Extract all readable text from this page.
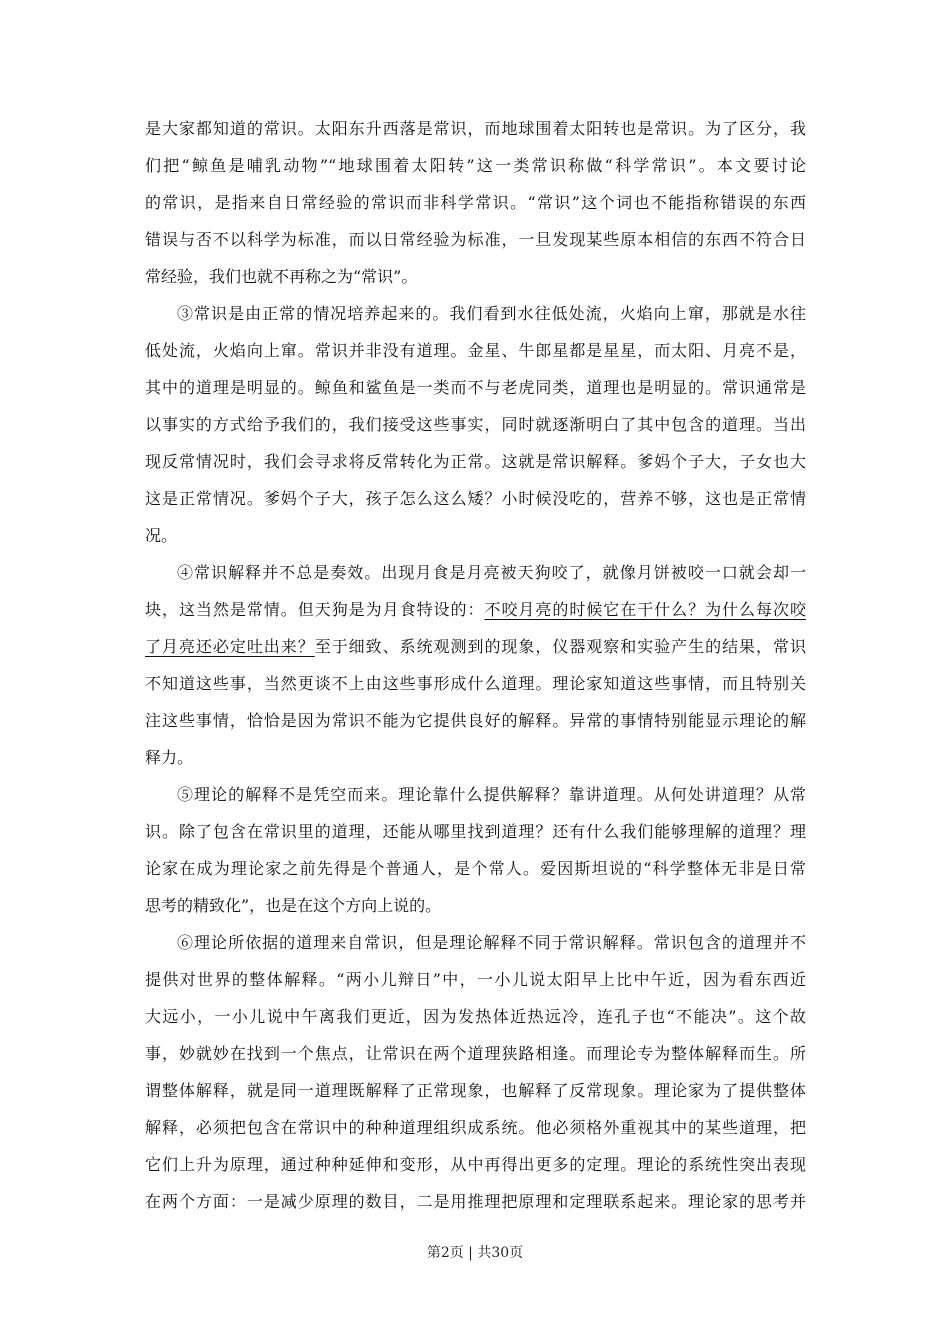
是大家都知道的常识。太阳东升西落是常识，而地球围着太阳转也是常识。为了区分，我
们把“鲸鱼是哺乳动物”“地球围着太阳转”这一类常识称做“科学常识”。本文要讨论
的常识，是指来自日常经验的常识而非科学常识。“常识”这个词也不能指称错误的东西
错误与否不以科学为标准，而以日常经验为标准，一旦发现某些原本相信的东西不符合日
常经验，我们也就不再称之为“常识”。
③常识是由正常的情况培养起来的。我们看到水往低处流，火焰向上窜，那就是水往
低处流，火焰向上窜。常识并非没有道理。金星、牛郎星都是星星，而太阳、月亮不是，
其中的道理是明显的。鲸鱼和鲨鱼是一类而不与老虎同类，道理也是明显的。常识通常是
以事实的方式给予我们的，我们接受这些事实，同时就逐渐明白了其中包含的道理。当出
现反常情况时，我们会寻求将反常转化为正常。这就是常识解释。爹妈个子大，子女也大
这是正常情况。爹妈个子大，孩子怎么这么矮？小时候没吃的，营养不够，这也是正常情
况。
④常识解释并不总是奏效。出现月食是月亮被天狗咬了，就像月饼被咬一口就会却一
块，这当然是常情。但天狗是为月食特设的：不咬月亮的时候它在干什么？为什么每次咬
了月亮还必定吐出来？至于细致、系统观测到的现象，仪器观察和实验产生的结果，常识
不知道这些事，当然更谈不上由这些事形成什么道理。理论家知道这些事情，而且特别关
注这些事情，恰恰是因为常识不能为它提供良好的解释。异常的事情特别能显示理论的解
释力。
⑤理论的解释不是凭空而来。理论靠什么提供解释？靠讲道理。从何处讲道理？从常
识。除了包含在常识里的道理，还能从哪里找到道理？还有什么我们能够理解的道理？理
论家在成为理论家之前先得是个普通人，是个常人。爱因斯坦说的“科学整体无非是日常
思考的精致化”，也是在这个方向上说的。
⑥理论所依据的道理来自常识，但是理论解释不同于常识解释。常识包含的道理并不
提供对世界的整体解释。“两小儿辩日”中，一小儿说太阳早上比中午近，因为看东西近
大远小，一小儿说中午离我们更近，因为发热体近热远冷，连孔子也“不能决”。这个故
事，妙就妙在找到一个焦点，让常识在两个道理狭路相逢。而理论专为整体解释而生。所
谓整体解释，就是同一道理既解释了正常现象，也解释了反常现象。理论家为了提供整体
解释，必须把包含在常识中的种种道理组织成系统。他必须格外重视其中的某些道理，把
它们上升为原理，通过种种延伸和变形，从中再得出更多的定理。理论的系统性突出表现
在两个方面：一是减少原理的数目，二是用推理把原理和定理联系起来。理论家的思考并
第2页 | 共30页
